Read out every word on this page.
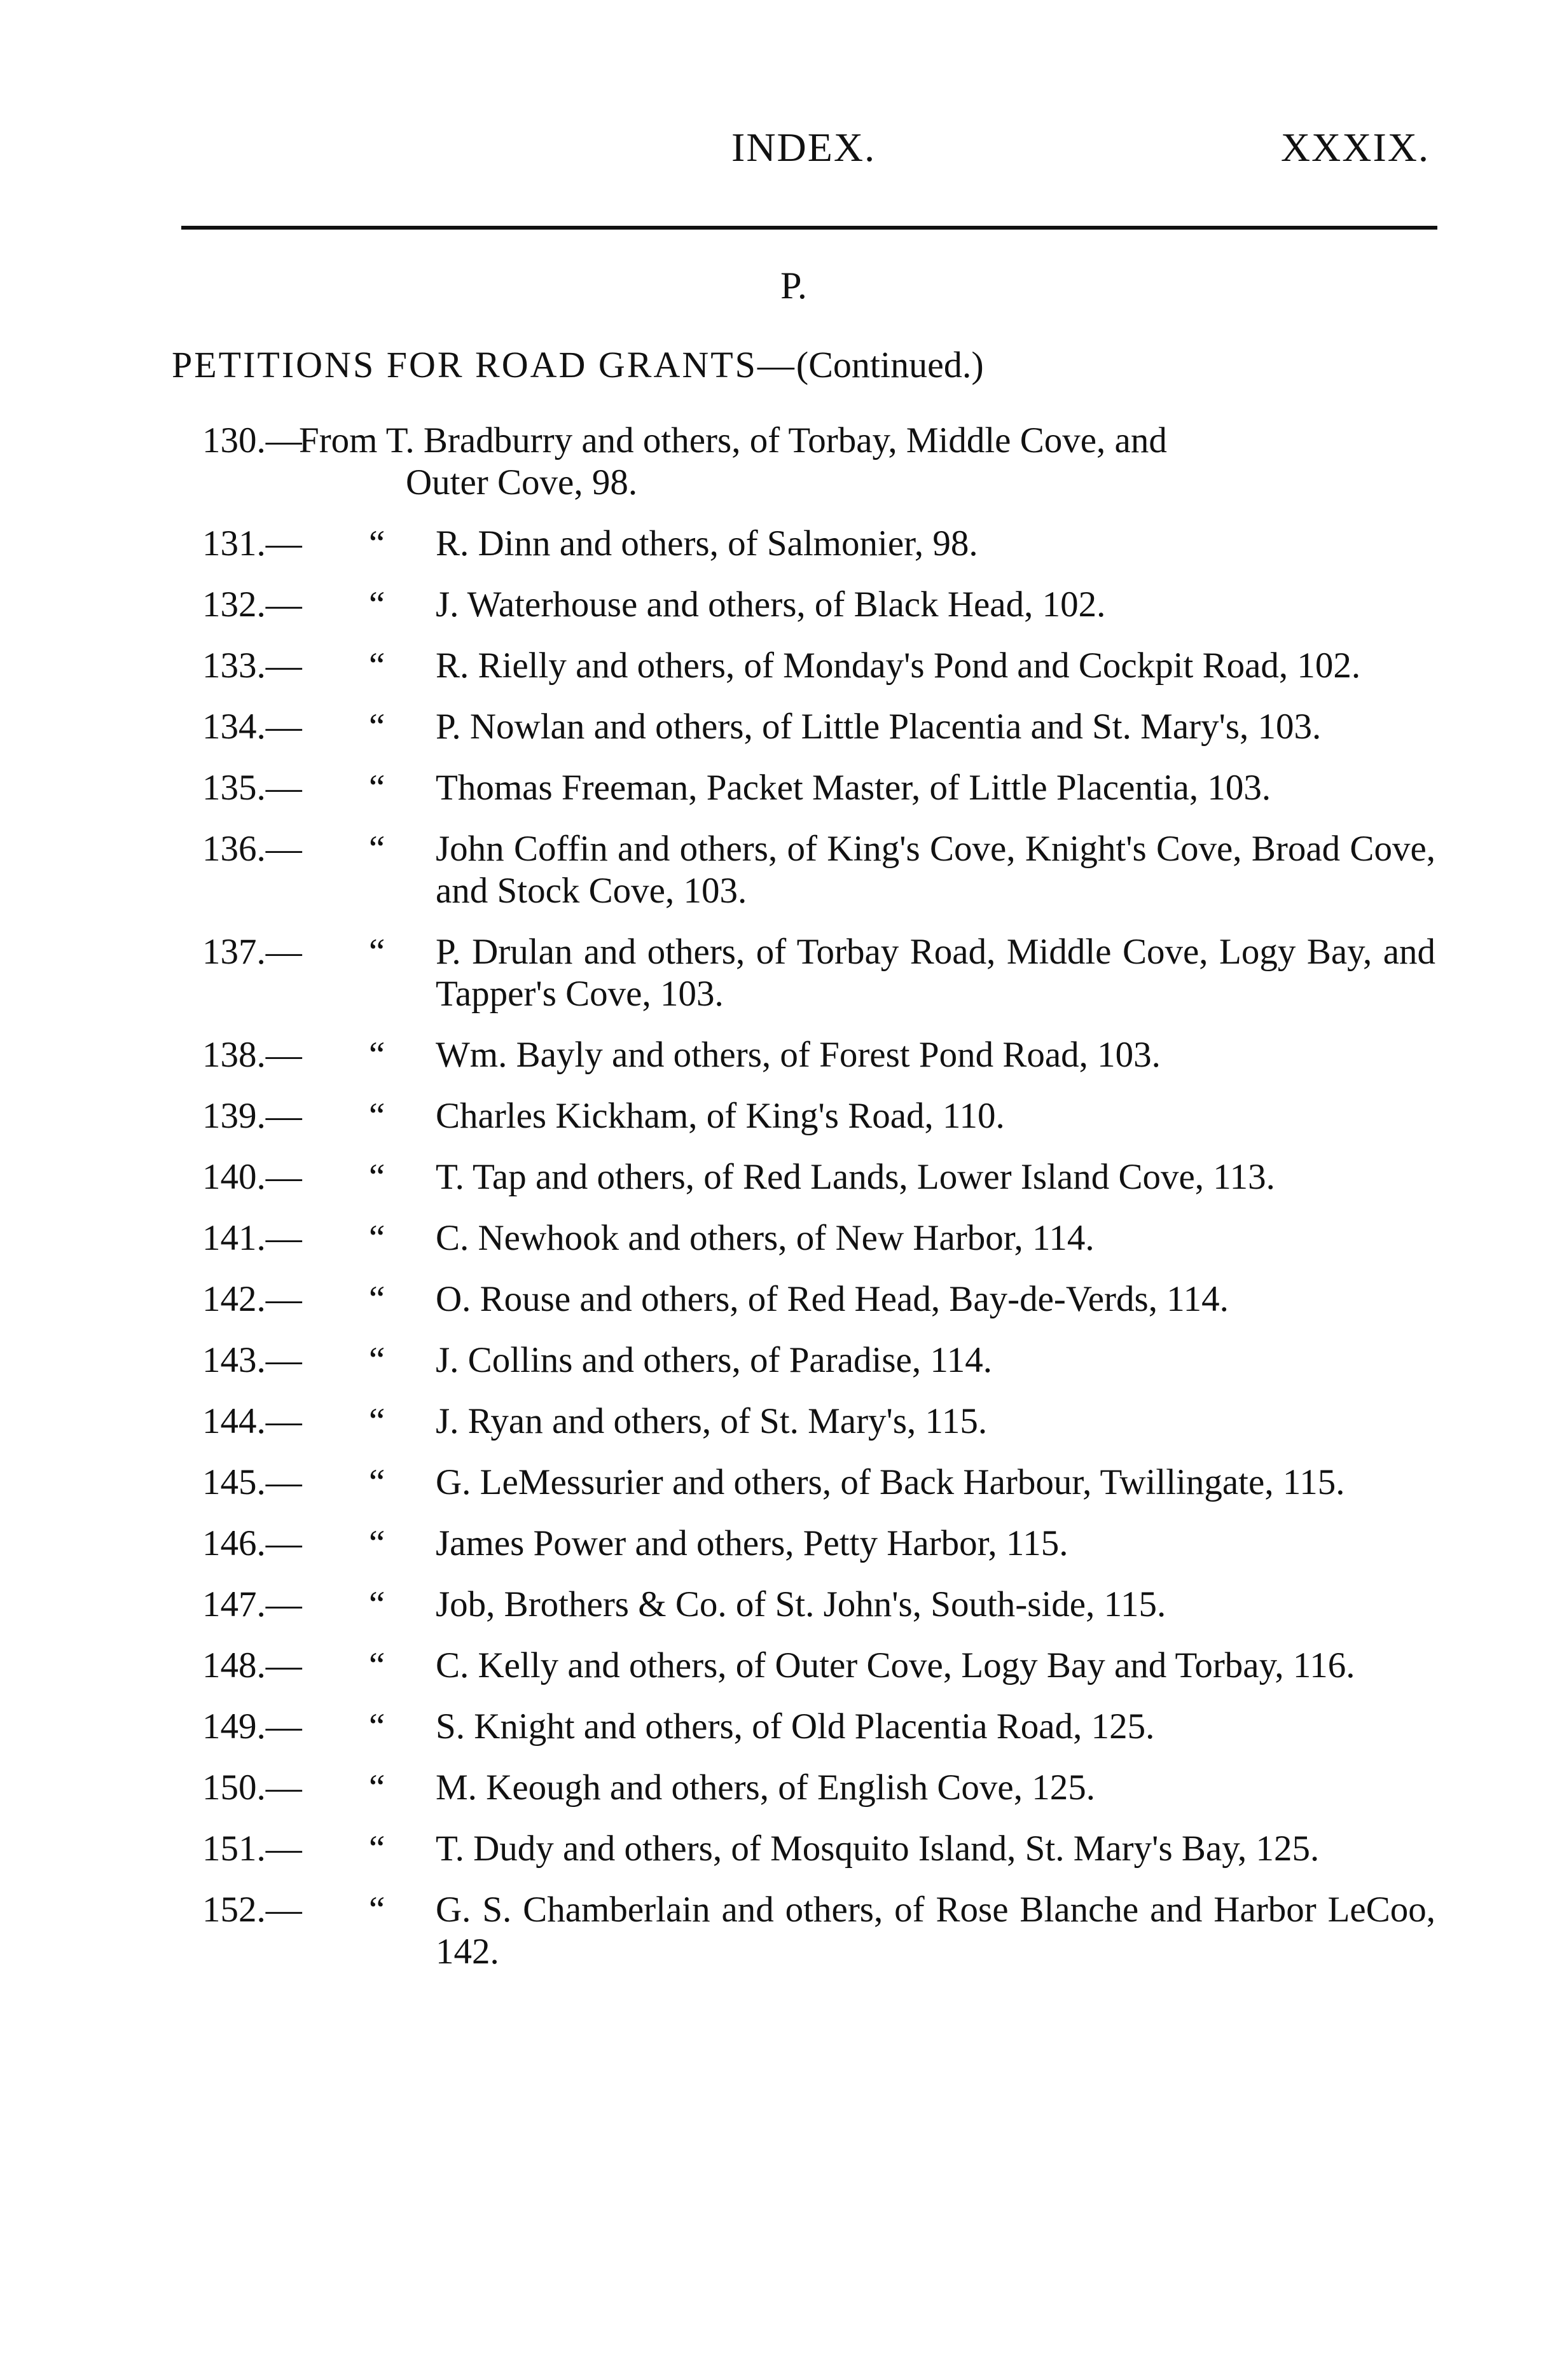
INDEX.	XXXIX.
P.
PETITIONS FOR ROAD GRANTS—(Continued.)
130.—
From T. Bradburry and others, of Torbay, Middle Cove, and
Outer Cove, 98.
131.— “ R. Dinn and others, of Salmonier, 98.
132.— “ J. Waterhouse and others, of Black Head, 102.
133.— “ R. Rielly and others, of Monday's Pond and Cockpit Road, 102.
134.— “ P. Nowlan and others, of Little Placentia and St. Mary's, 103.
135.— “ Thomas Freeman, Packet Master, of Little Placentia, 103.
136.— “ John Coffin and others, of King's Cove, Knight's Cove, Broad Cove, and Stock Cove, 103.
137.— “ P. Drulan and others, of Torbay Road, Middle Cove, Logy Bay, and Tapper's Cove, 103.
138.— “ Wm. Bayly and others, of Forest Pond Road, 103.
139.— “ Charles Kickham, of King's Road, 110.
140.— “ T. Tap and others, of Red Lands, Lower Island Cove, 113.
141.— “ C. Newhook and others, of New Harbor, 114.
142.— “ O. Rouse and others, of Red Head, Bay-de-Verds, 114.
143.— “ J. Collins and others, of Paradise, 114.
144.— “ J. Ryan and others, of St. Mary's, 115.
145.— “ G. LeMessurier and others, of Back Harbour, Twillingate, 115.
146.— “ James Power and others, Petty Harbor, 115.
147.— “ Job, Brothers & Co. of St. John's, South-side, 115.
148.— “ C. Kelly and others, of Outer Cove, Logy Bay and Torbay, 116.
149.— “ S. Knight and others, of Old Placentia Road, 125.
150.— “ M. Keough and others, of English Cove, 125.
151.— “ T. Dudy and others, of Mosquito Island, St. Mary's Bay, 125.
152.— “ G. S. Chamberlain and others, of Rose Blanche and Harbor LeCoo, 142.
